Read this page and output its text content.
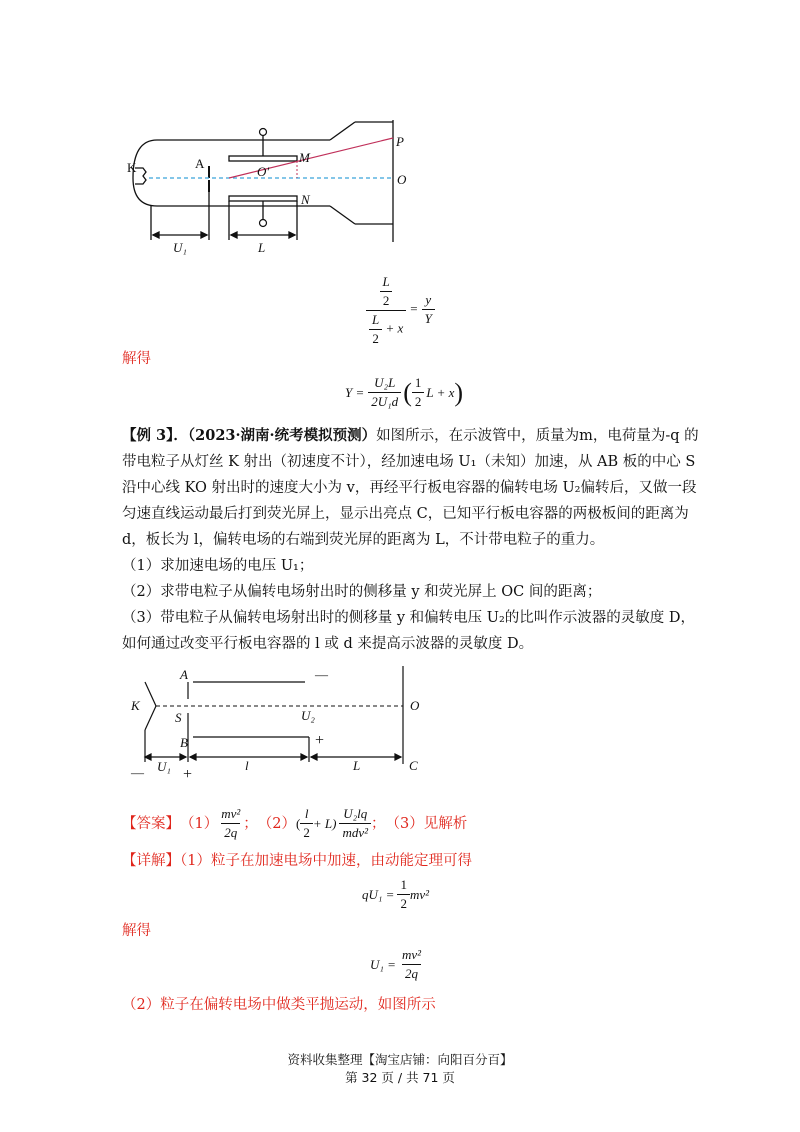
K	A
O′
M
N
P
O
U₁	L
$\frac{\frac{L}{2}}{\frac{L}{2} + x} = \frac{y}{Y}$
解得
$Y = \frac{\text{U₂L}}{\text{2U₁d}}$ ( $\frac{1}{2}$ L + x )
【例 3】．（2023·湖南·统考模拟预测）如图所示，在示波管中，质量为m，电荷量为-q 的
带电粒子从灯丝 K 射出（初速度不计），经加速电场 U₁（未知）加速，从 AB 板的中心 S
沿中心线 KO 射出时的速度大小为 v，再经平行板电容器的偏转电场 U₂偏转后，又做一段
匀速直线运动最后打到荧光屏上，显示出亮点 C，已知平行板电容器的两极板间的距离为
d，板长为 l，偏转电场的右端到荧光屏的距离为 L，不计带电粒子的重力。
（1）求加速电场的电压 U₁；
（2）求带电粒子从偏转电场射出时的侧移量 y 和荧光屏上 OC 间的距离；
（3）带电粒子从偏转电场射出时的侧移量 y 和偏转电压 U₂的比叫作示波器的灵敏度 D，
如何通过改变平行板电容器的 l 或 d 来提高示波器的灵敏度 D。
A	—
K
S	U₂
O
B	+
— U₁ +
l	L	C
【答案】 $(1) \frac{\text{mv²}}{2q}$ ； （2） ( $\frac{l}{2} + L) \frac{\text{U₂lq}}{\text{mdv²}}$ ； （3）见解析
【详解】（1）粒子在加速电场中加速，由动能定理可得
$qU_1 = \frac{1}{2} mv^2$
解得
$U_1 = \frac{\text{mv²}}{2q}$
（2）粒子在偏转电场中做类平抛运动，如图所示
资料收集整理【淘宝店铺：向阳百分百】
第 32 页 / 共 71 页
